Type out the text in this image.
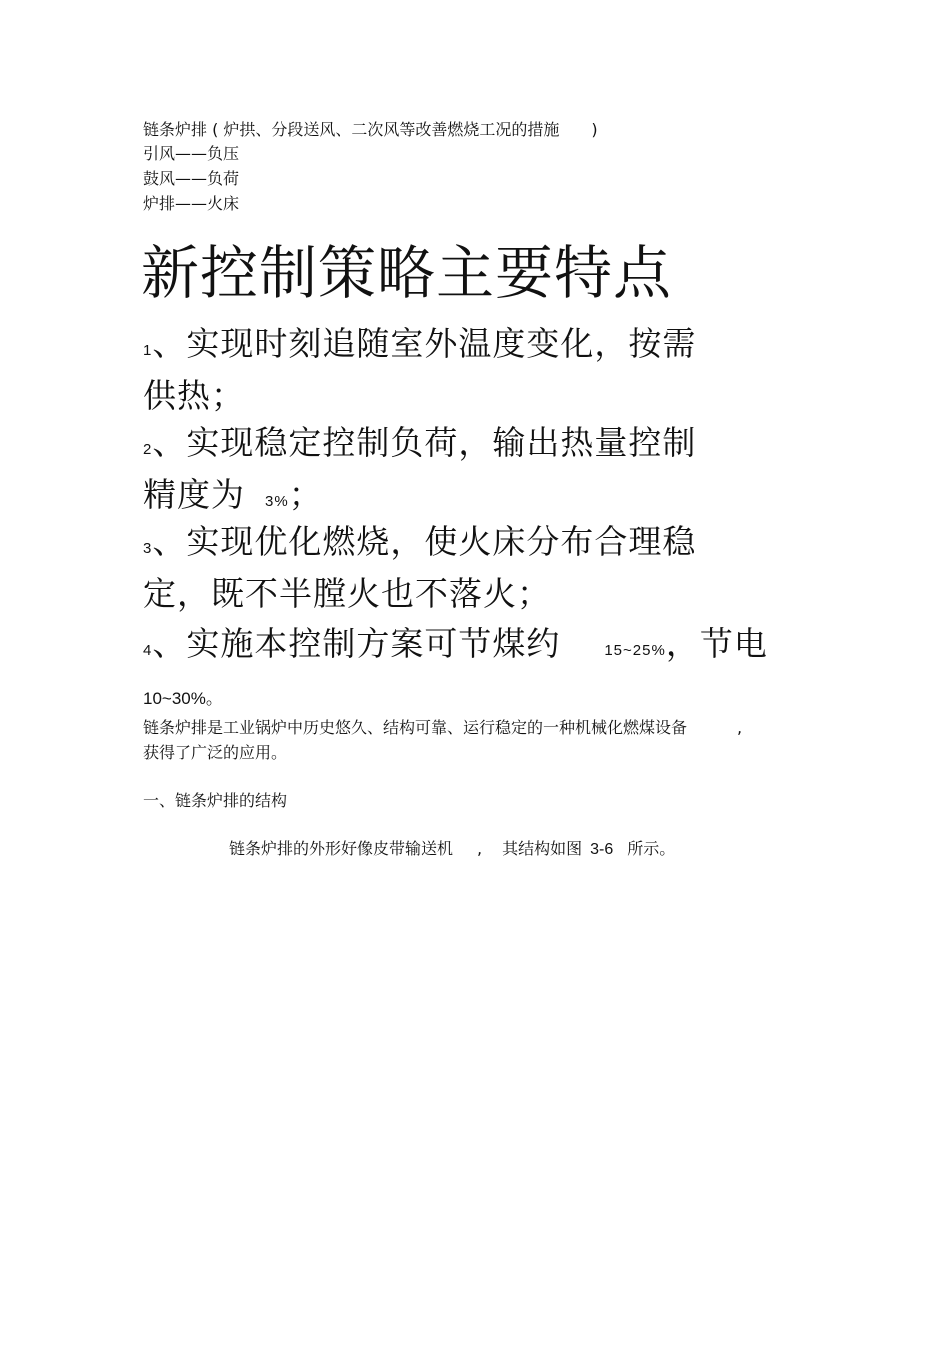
链条炉排 ( 炉拱、分段送风、二次风等改善燃烧工况的措施 )
引风——负压
鼓风——负荷
炉排——火床
新控制策略主要特点
1、实现时刻追随室外温度变化，按需
供热；
2、实现稳定控制负荷，输出热量控制
精度为 3%；
3、实现优化燃烧，使火床分布合理稳
定，既不半膛火也不落火；
4、实施本控制方案可节煤约	15~25%，节电
10~30%。
链条炉排是工业锅炉中历史悠久、结构可靠、运行稳定的一种机械化燃煤设备	,
获得了广泛的应用。
一、链条炉排的结构
链条炉排的外形好像皮带输送机 , 其结构如图 3-6 所示。
